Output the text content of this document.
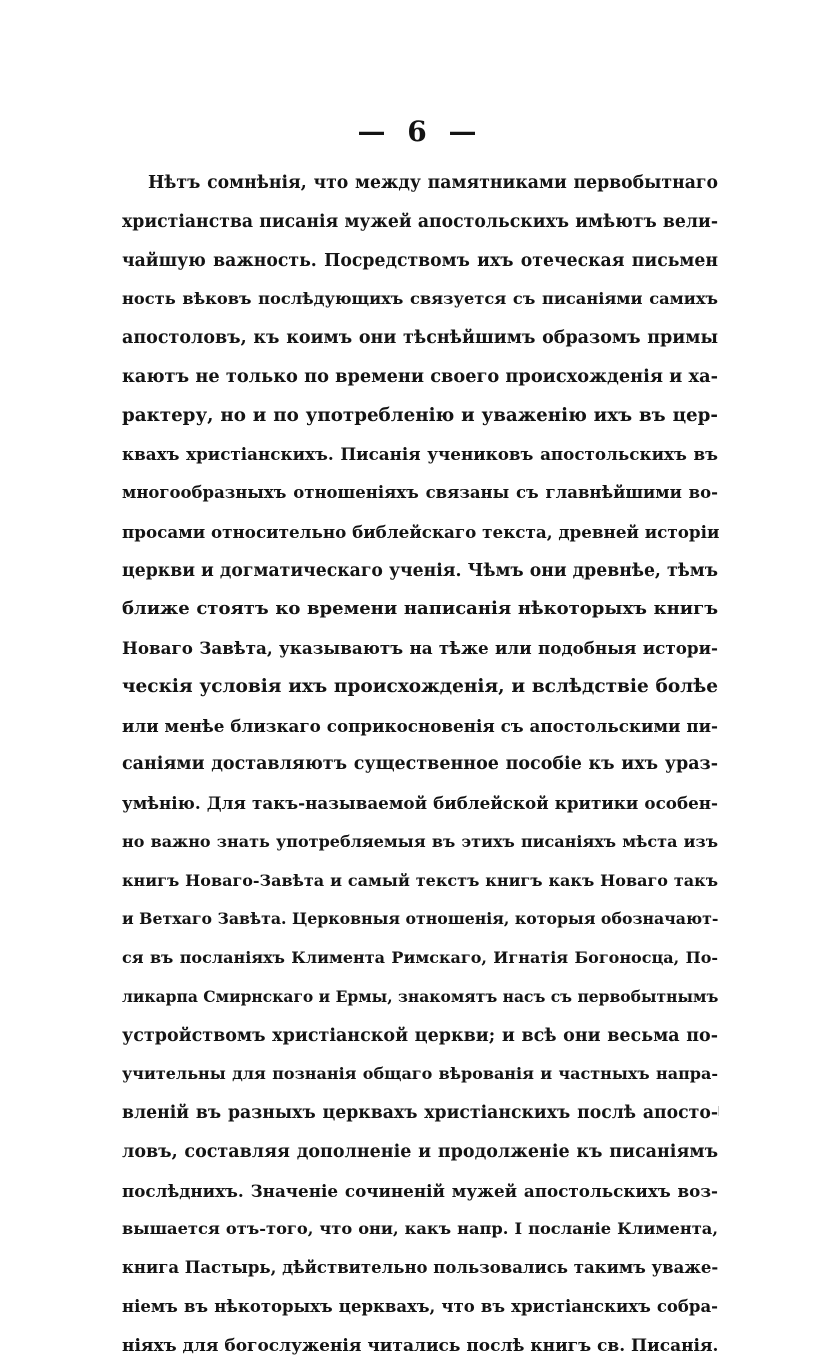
— 6 —
Нѣтъ сомнѣнія, что между памятниками первобытнаго
христіанства писанія мужей апостольскихъ имѣютъ вели-
чайшую важность. Посредствомъ ихъ отеческая письмен
ность вѣковъ послѣдующихъ связуется съ писаніями самихъ
апостоловъ, къ коимъ они тѣснѣйшимъ образомъ примы
каютъ не только по времени своего происхожденія и ха-
рактеру, но и по употребленію и уваженію ихъ въ цер-
квахъ христіанскихъ. Писанія учениковъ апостольскихъ въ
многообразныхъ отношеніяхъ связаны съ главнѣйшими во-
просами относительно библейскаго текста, древней исторіи
церкви и догматическаго ученія. Чѣмъ они древнѣе, тѣмъ
ближе стоятъ ко времени написанія нѣкоторыхъ книгъ
Новаго Завѣта, указываютъ на тѣже или подобныя истори-
ческія условія ихъ происхожденія, и вслѣдствіе болѣе
или менѣе близкаго соприкосновенія съ апостольскими пи-
саніями доставляютъ существенное пособіе къ ихъ ураз-
умѣнію. Для такъ-называемой библейской критики особен-
но важно знать употребляемыя въ этихъ писаніяхъ мѣста изъ
книгъ Новаго-Завѣта и самый текстъ книгъ какъ Новаго такъ
и Ветхаго Завѣта. Церковныя отношенія, которыя обозначают-
ся въ посланіяхъ Климента Римскаго, Игнатія Богоносца, По-
ликарпа Смирнскаго и Ермы, знакомятъ насъ съ первобытнымъ
устройствомъ христіанской церкви; и всѣ они весьма по-
учительны для познанія общаго вѣрованія и частныхъ напра-
вленій въ разныхъ церквахъ христіанскихъ послѣ апосто-
ловъ, составляя дополненіе и продолженіе къ писаніямъ
послѣднихъ. Значеніе сочиненій мужей апостольскихъ воз-
вышается отъ-того, что они, какъ напр. I посланіе Климента,
книга Пастырь, дѣйствительно пользовались такимъ уваже-
ніемъ въ нѣкоторыхъ церквахъ, что въ христіанскихъ собра-
ніяхъ для богослуженія читались послѣ книгъ св. Писанія.
